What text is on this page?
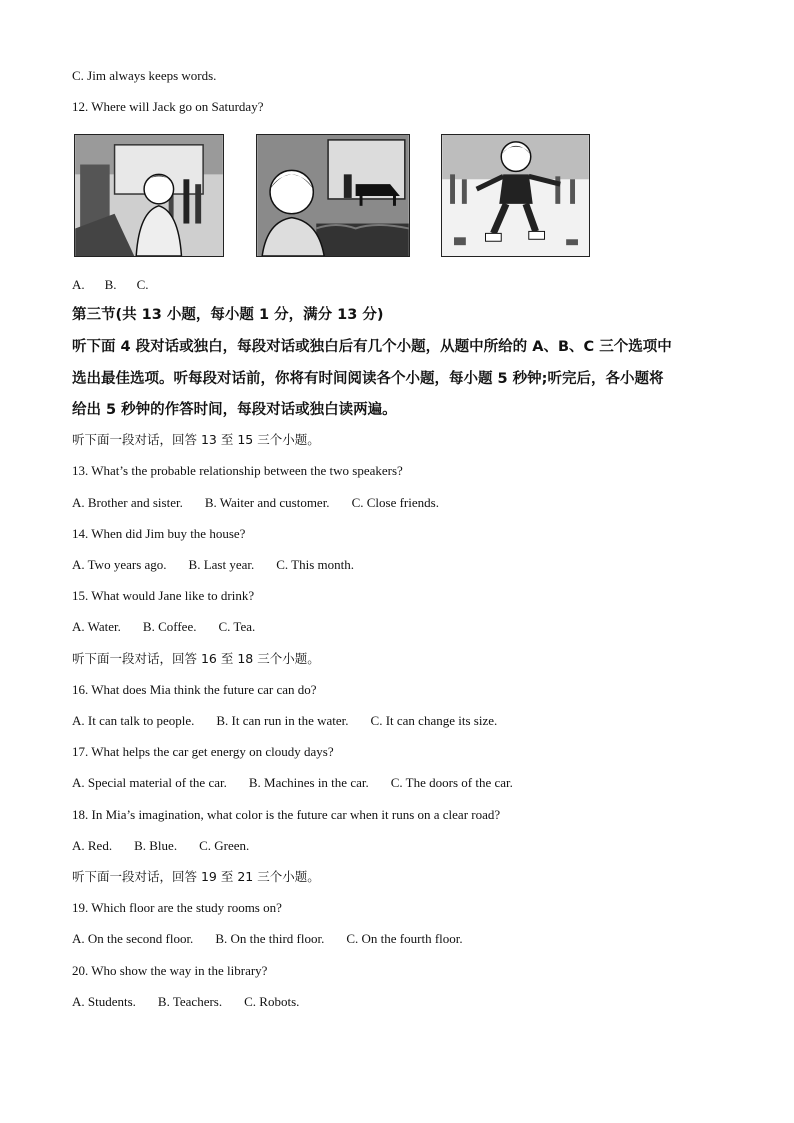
C. Jim always keeps words.
12. Where will Jack go on Saturday?
A. B. C.
第三节(共 13 小题，每小题 1 分，满分 13 分)
听下面 4 段对话或独白，每段对话或独白后有几个小题，从题中所给的 A、B、C 三个选项中
选出最佳选项。听每段对话前，你将有时间阅读各个小题，每小题 5 秒钟;听完后，各小题将
给出 5 秒钟的作答时间，每段对话或独白读两遍。
听下面一段对话，回答 13 至 15 三个小题。
13. What’s the probable relationship between the two speakers?
A. Brother and sister. B. Waiter and customer. C. Close friends.
14. When did Jim buy the house?
A. Two years ago. B. Last year. C. This month.
15. What would Jane like to drink?
A. Water. B. Coffee. C. Tea.
听下面一段对话，回答 16 至 18 三个小题。
16. What does Mia think the future car can do?
A. It can talk to people. B. It can run in the water. C. It can change its size.
17. What helps the car get energy on cloudy days?
A. Special material of the car. B. Machines in the car. C. The doors of the car.
18. In Mia’s imagination, what color is the future car when it runs on a clear road?
A. Red. B. Blue. C. Green.
听下面一段对话，回答 19 至 21 三个小题。
19. Which floor are the study rooms on?
A. On the second floor. B. On the third floor. C. On the fourth floor.
20. Who show the way in the library?
A. Students. B. Teachers. C. Robots.
